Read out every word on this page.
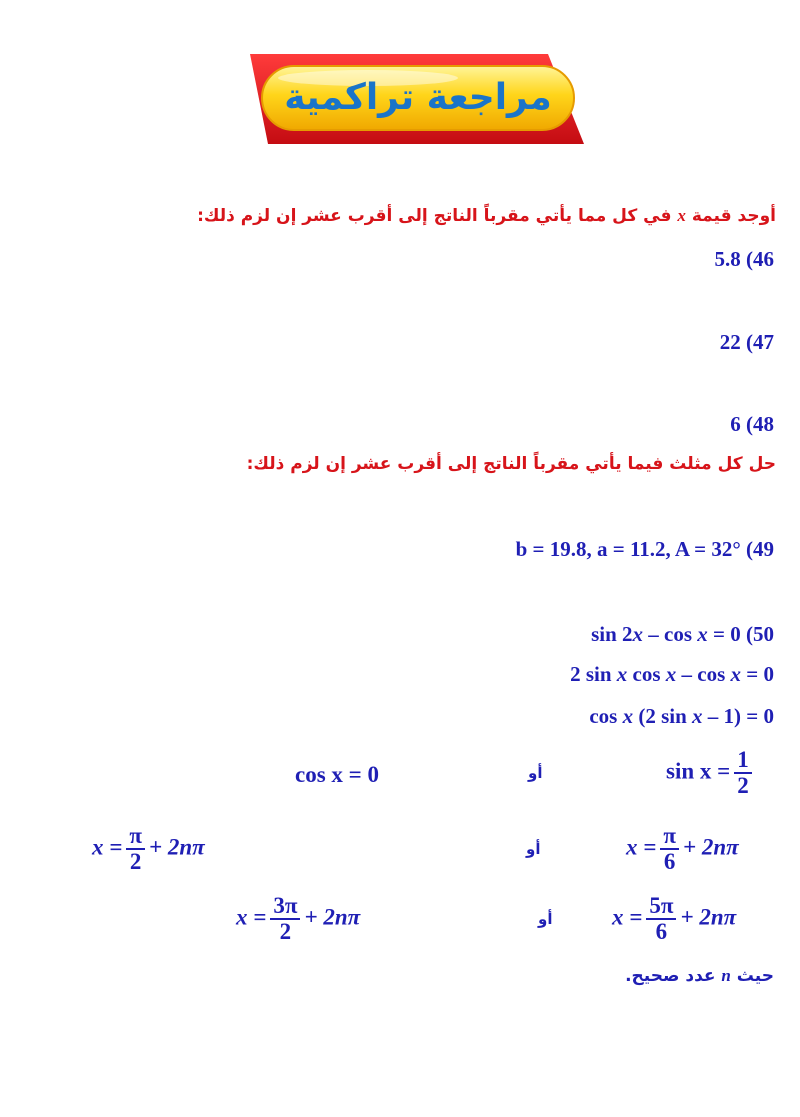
مراجعة تراكمية
أوجد قيمة x في كل مما يأتي مقرباً الناتج إلى أقرب عشر إن لزم ذلك:
5.8 (46
22 (47
6 (48
حل كل مثلث فيما يأتي مقرباً الناتج إلى أقرب عشر إن لزم ذلك:
b = 19.8, a = 11.2, A = 32° (49
sin 2x – cos x = 0 (50
2 sin x cos x – cos x = 0
cos x (2 sin x – 1) = 0
$\sin x = \frac{1}{2}$
أو
cos x = 0
$x = \frac{\pi}{6} + 2n\pi$
أو
$x = \frac{\pi}{2} + 2n\pi$
$x = \frac{5\pi}{6} + 2n\pi$
أو
$x = \frac{3\pi}{2} + 2n\pi$
حيث n عدد صحيح.
